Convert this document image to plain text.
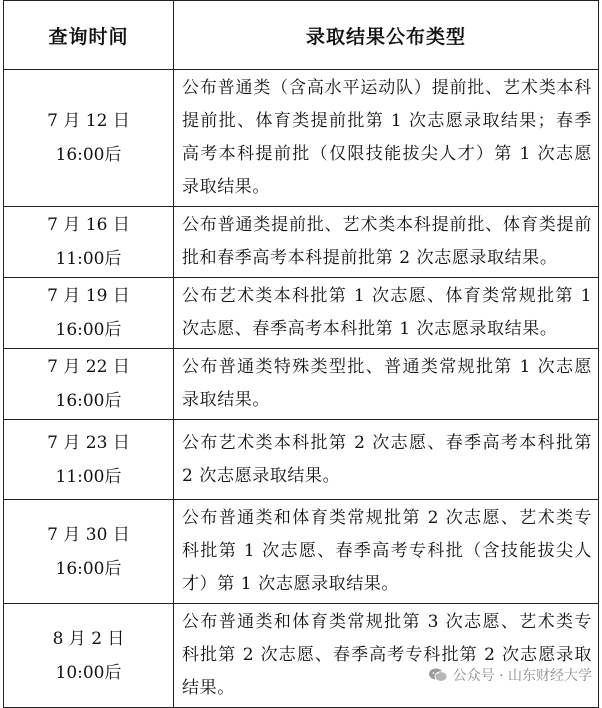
查询时间	录取结果公布类型

7 月 12 日
16:00后	公布普通类（含高水平运动队）提前批、艺术类本科提前批、体育类提前批第 1 次志愿录取结果；春季高考本科提前批（仅限技能拔尖人才）第 1 次志愿录取结果。

7 月 16 日
11:00后	公布普通类提前批、艺术类本科提前批、体育类提前批和春季高考本科提前批第 2 次志愿录取结果。

7 月 19 日
16:00后	公布艺术类本科批第 1 次志愿、体育类常规批第 1 次志愿、春季高考本科批第 1 次志愿录取结果。

7 月 22 日
16:00后	公布普通类特殊类型批、普通类常规批第 1 次志愿录取结果。

7 月 23 日
11:00后	公布艺术类本科批第 2 次志愿、春季高考本科批第 2 次志愿录取结果。

7 月 30 日
16:00后	公布普通类和体育类常规批第 2 次志愿、艺术类专科批第 1 次志愿、春季高考专科批（含技能拔尖人才）第 1 次志愿录取结果。

8 月 2 日
10:00后	公布普通类和体育类常规批第 3 次志愿、艺术类专科批第 2 次志愿、春季高考专科批第 2 次志愿录取结果。
公众号 · 山东财经大学
